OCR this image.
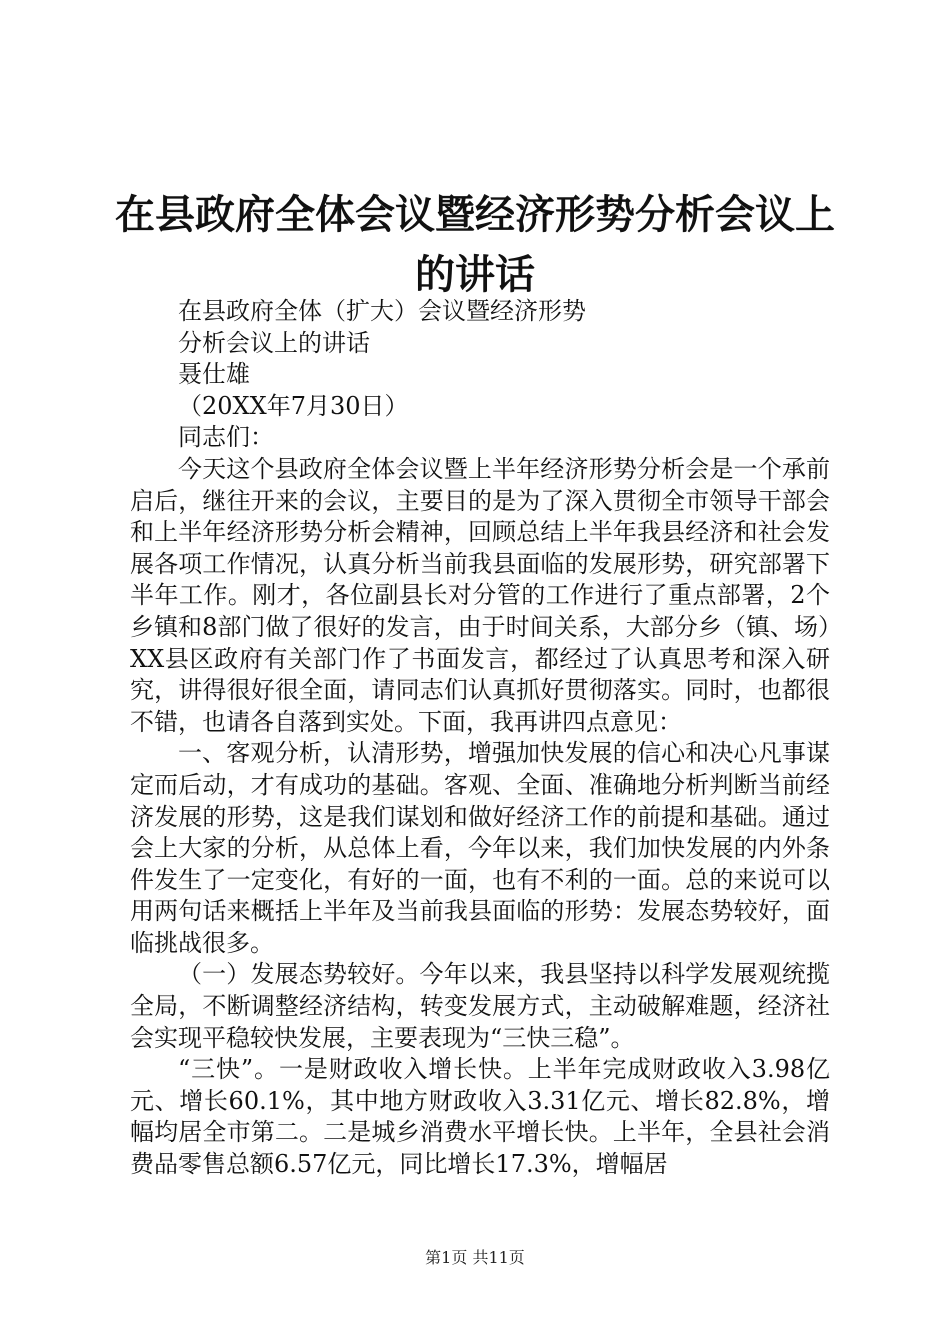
在县政府全体会议暨经济形势分析会议上的讲话

在县政府全体（扩大）会议暨经济形势

分析会议上的讲话

聂仕雄

（20XX年7月30日）

同志们：

今天这个县政府全体会议暨上半年经济形势分析会是一个承前启后，继往开来的会议，主要目的是为了深入贯彻全市领导干部会和上半年经济形势分析会精神，回顾总结上半年我县经济和社会发展各项工作情况，认真分析当前我县面临的发展形势，研究部署下半年工作。刚才，各位副县长对分管的工作进行了重点部署，2个乡镇和8部门做了很好的发言，由于时间关系，大部分乡（镇、场）XX县区政府有关部门作了书面发言，都经过了认真思考和深入研究，讲得很好很全面，请同志们认真抓好贯彻落实。同时，也都很不错，也请各自落到实处。下面，我再讲四点意见：

一、客观分析，认清形势，增强加快发展的信心和决心凡事谋定而后动，才有成功的基础。客观、全面、准确地分析判断当前经济发展的形势，这是我们谋划和做好经济工作的前提和基础。通过会上大家的分析，从总体上看，今年以来，我们加快发展的内外条件发生了一定变化，有好的一面，也有不利的一面。总的来说可以用两句话来概括上半年及当前我县面临的形势：发展态势较好，面临挑战很多。

（一）发展态势较好。今年以来，我县坚持以科学发展观统揽全局，不断调整经济结构，转变发展方式，主动破解难题，经济社会实现平稳较快发展，主要表现为“三快三稳”。

“三快”。一是财政收入增长快。上半年完成财政收入3.98亿元、增长60.1%，其中地方财政收入3.31亿元、增长82.8%，增幅均居全市第二。二是城乡消费水平增长快。上半年，全县社会消费品零售总额6.57亿元，同比增长17.3%，增幅居

第1页 共11页
